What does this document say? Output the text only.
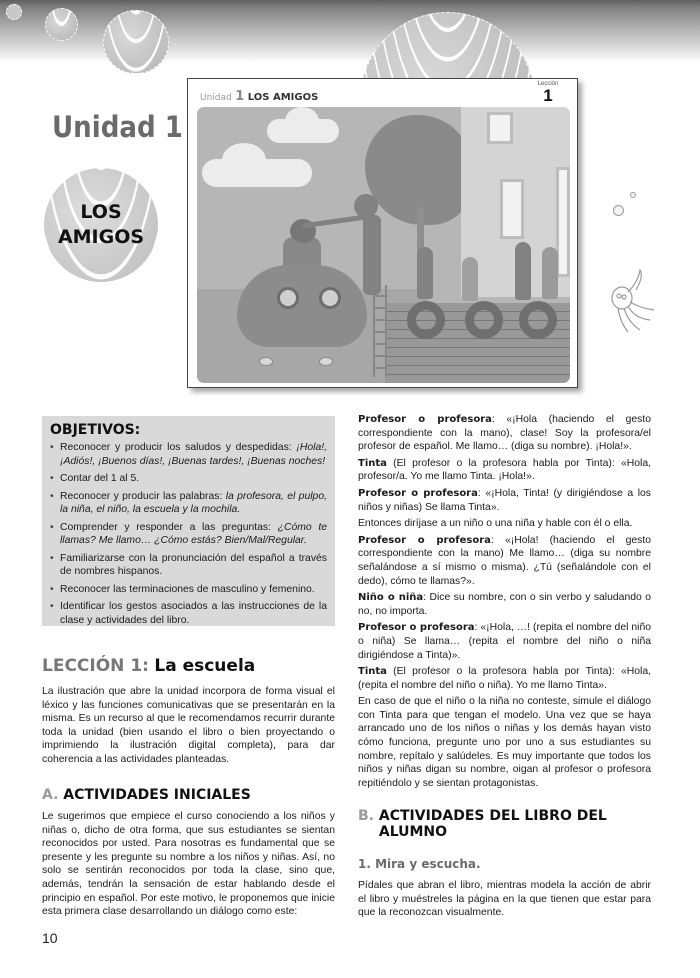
Unidad 1 LOS AMIGOS
Lección
1
Unidad 1
LOS
AMIGOS
OBJETIVOS:
• Reconocer y producir los saludos y despedidas: ¡Hola!, ¡Adiós!, ¡Buenos días!, ¡Buenas tardes!, ¡Buenas noches!
• Contar del 1 al 5.
• Reconocer y producir las palabras: la profesora, el pulpo, la niña, el niño, la escuela y la mochila.
• Comprender y responder a las preguntas: ¿Cómo te llamas? Me llamo… ¿Cómo estás? Bien/Mal/Regular.
• Familiarizarse con la pronunciación del español a través de nombres hispanos.
• Reconocer las terminaciones de masculino y femenino.
• Identificar los gestos asociados a las instrucciones de la clase y actividades del libro.
LECCIÓN 1: La escuela

La ilustración que abre la unidad incorpora de forma visual el léxico y las funciones comunicativas que se presentarán en la misma. Es un recurso al que le recomendamos recurrir durante toda la unidad (bien usando el libro o bien proyectando o imprimiendo la ilustración digital completa), para dar coherencia a las actividades planteadas.

A. ACTIVIDADES INICIALES

Le sugerimos que empiece el curso conociendo a los niños y niñas o, dicho de otra forma, que sus estudiantes se sientan reconocidos por usted. Para nosotras es fundamental que se presente y les pregunte su nombre a los niños y niñas. Así, no solo se sentirán reconocidos por toda la clase, sino que, además, tendrán la sensación de estar hablando desde el principio en español. Por este motivo, le proponemos que inicie esta primera clase desarrollando un diálogo como este:

10

Profesor o profesora: «¡Hola (haciendo el gesto correspondiente con la mano), clase! Soy la profesora/el profesor de español. Me llamo… (diga su nombre). ¡Hola!».

Tinta (El profesor o la profesora habla por Tinta): «Hola, profesor/a. Yo me llamo Tinta. ¡Hola!».

Profesor o profesora: «¡Hola, Tinta! (y dirigiéndose a los niños y niñas) Se llama Tinta».

Entonces diríjase a un niño o una niña y hable con él o ella.

Profesor o profesora: «¡Hola! (haciendo el gesto correspondiente con la mano) Me llamo… (diga su nombre señalándose a sí mismo o misma). ¿Tú (señalándole con el dedo), cómo te llamas?».

Niño o niña: Dice su nombre, con o sin verbo y saludando o no, no importa.

Profesor o profesora: «¡Hola, …! (repita el nombre del niño o niña) Se llama… (repita el nombre del niño o niña dirigiéndose a Tinta)».

Tinta (El profesor o la profesora habla por Tinta): «Hola, (repita el nombre del niño o niña). Yo me llamo Tinta».

En caso de que el niño o la niña no conteste, simule el diálogo con Tinta para que tengan el modelo. Una vez que se haya arrancado uno de los niños o niñas y los demás hayan visto cómo funciona, pregunte uno por uno a sus estudiantes su nombre, repítalo y salúdeles. Es muy importante que todos los niños y niñas digan su nombre, oigan al profesor o profesora repitiéndolo y se sientan protagonistas.

B. ACTIVIDADES DEL LIBRO DEL ALUMNO
1. Mira y escucha.

Pídales que abran el libro, mientras modela la acción de abrir el libro y muéstreles la página en la que tienen que estar para que la reconozcan visualmente.
